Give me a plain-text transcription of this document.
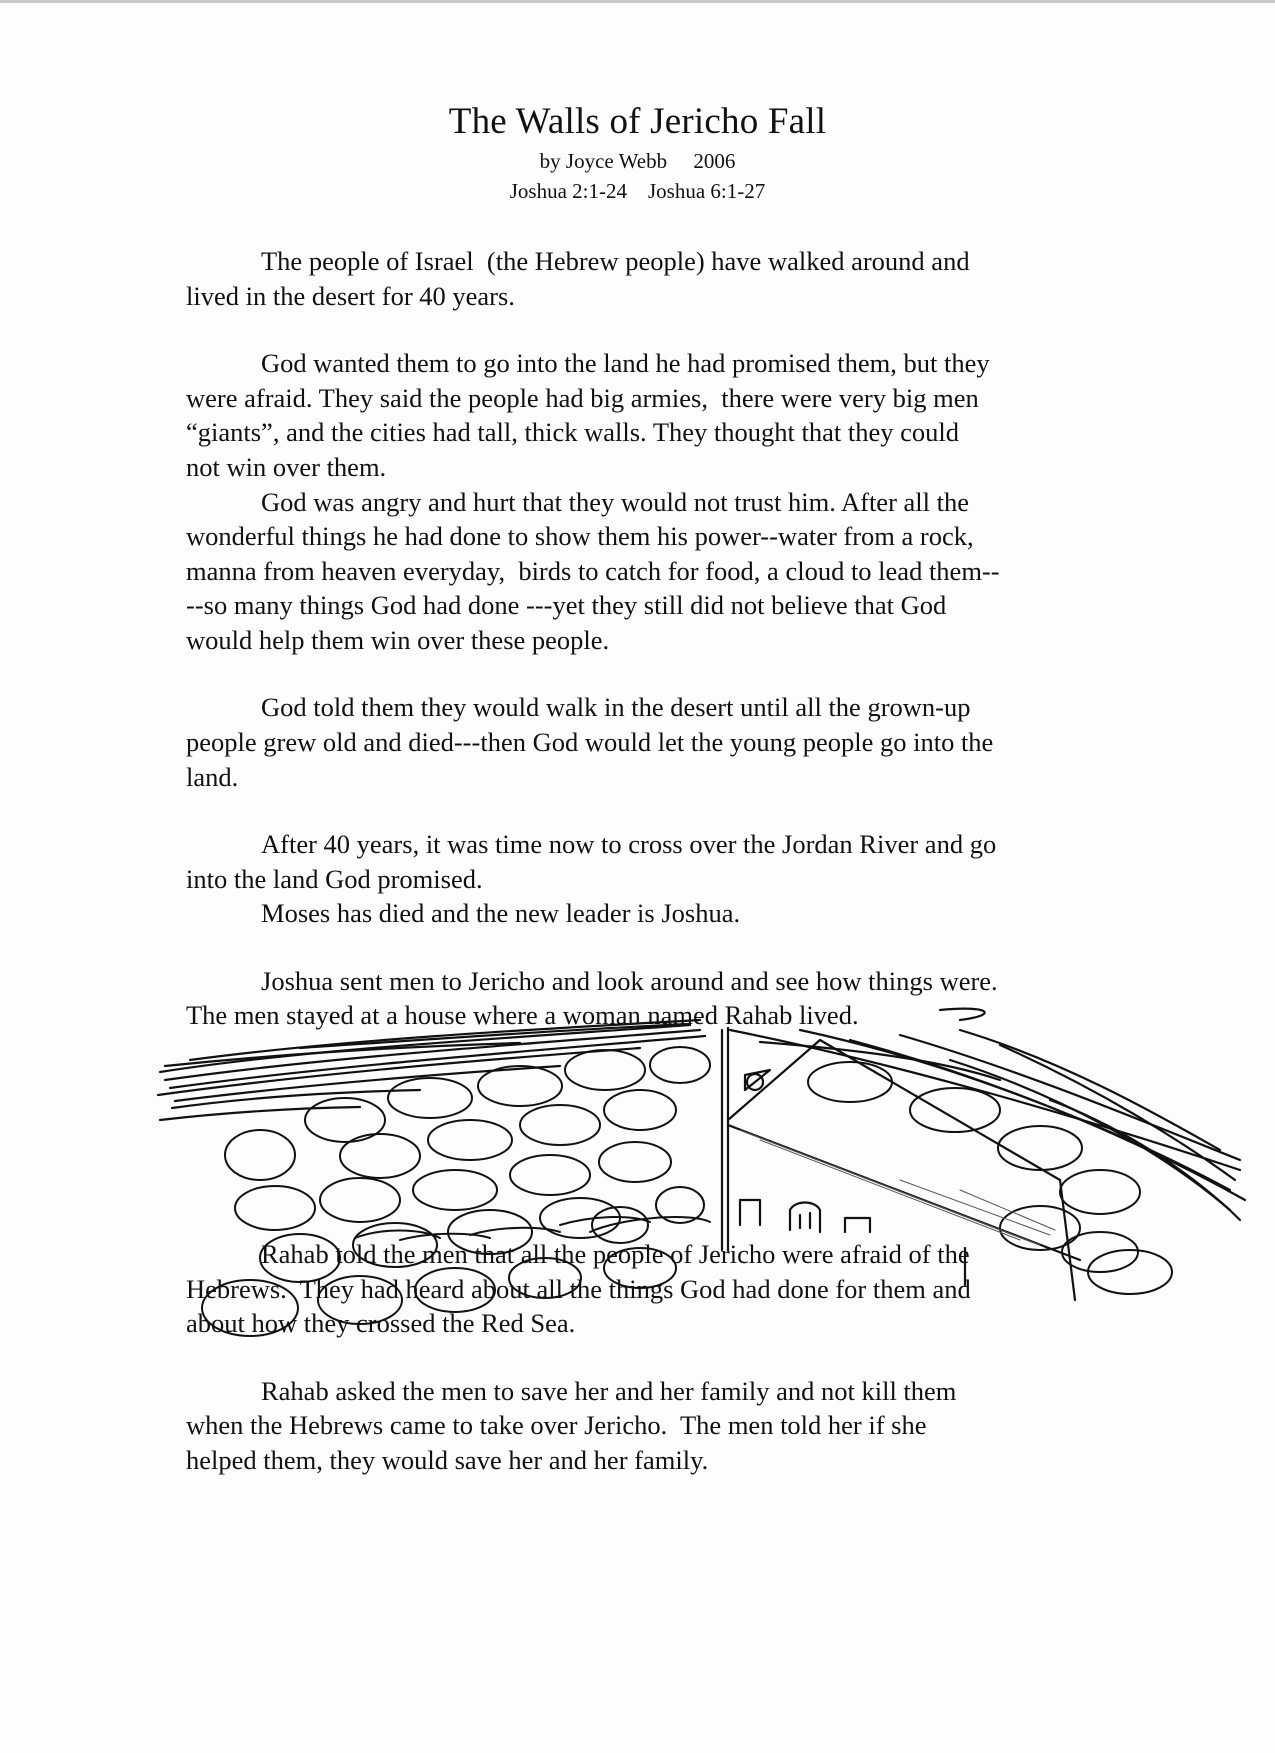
The Walls of Jericho Fall
by Joyce Webb     2006
Joshua 2:1-24    Joshua 6:1-27
The people of Israel  (the Hebrew people) have walked around and
lived in the desert for 40 years.
God wanted them to go into the land he had promised them, but they
were afraid. They said the people had big armies,  there were very big men
“giants”, and the cities had tall, thick walls. They thought that they could
not win over them.
God was angry and hurt that they would not trust him. After all the
wonderful things he had done to show them his power--water from a rock,
manna from heaven everyday,  birds to catch for food, a cloud to lead them--
--so many things God had done ---yet they still did not believe that God
would help them win over these people.
God told them they would walk in the desert until all the grown-up
people grew old and died---then God would let the young people go into the
land.
After 40 years, it was time now to cross over the Jordan River and go
into the land God promised.
Moses has died and the new leader is Joshua.
Joshua sent men to Jericho and look around and see how things were.
The men stayed at a house where a woman named Rahab lived.
Rahab told the men that all the people of Jericho were afraid of the
Hebrews.  They had heard about all the things God had done for them and
about how they crossed the Red Sea.
Rahab asked the men to save her and her family and not kill them
when the Hebrews came to take over Jericho.  The men told her if she
helped them, they would save her and her family.
